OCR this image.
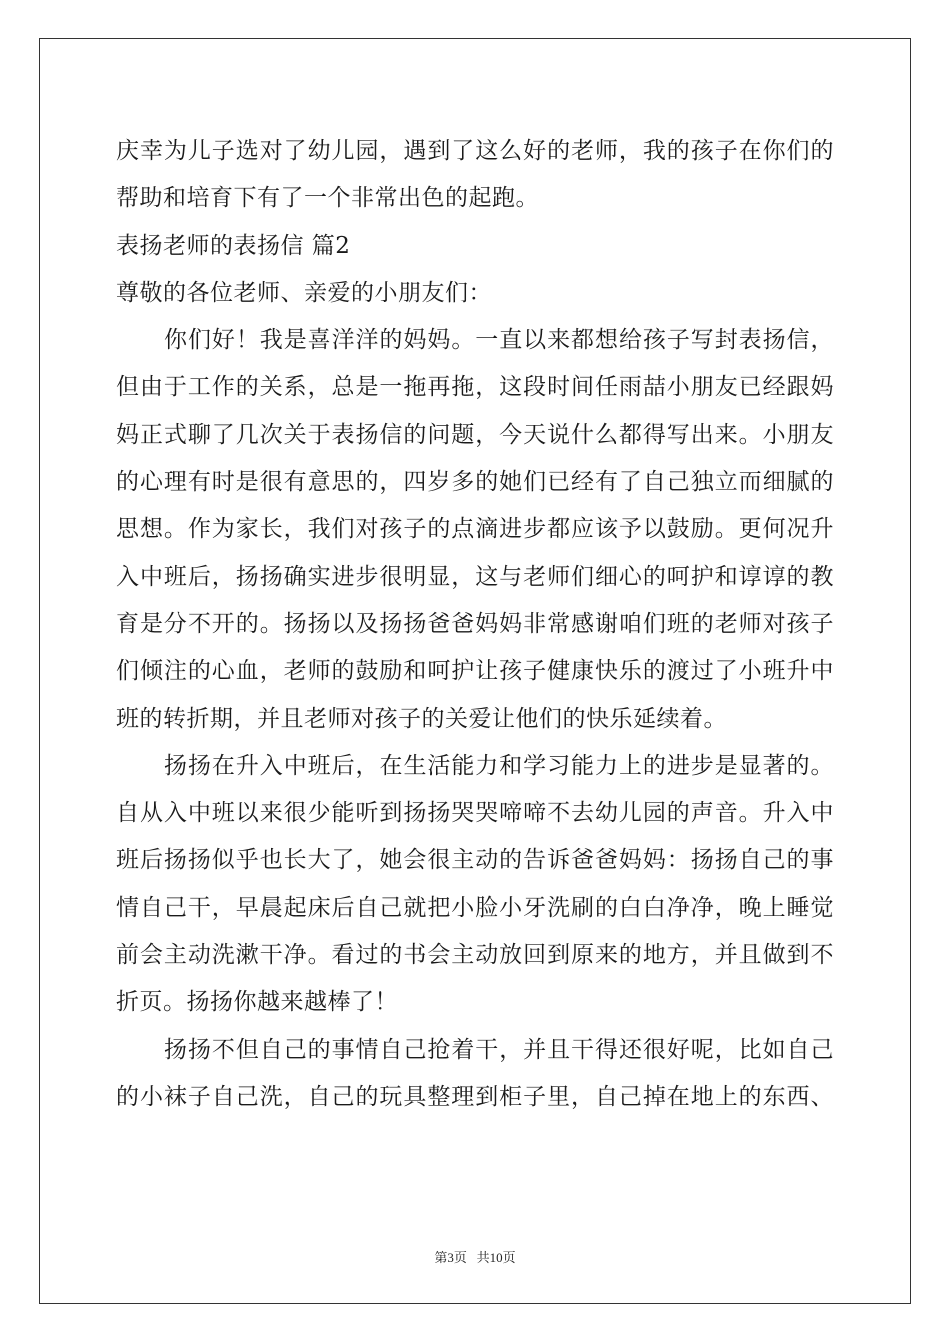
庆幸为儿子选对了幼儿园，遇到了这么好的老师，我的孩子在你们的
帮助和培育下有了一个非常出色的起跑。
表扬老师的表扬信 篇2
尊敬的各位老师、亲爱的小朋友们：
你们好！我是喜洋洋的妈妈。一直以来都想给孩子写封表扬信，
但由于工作的关系，总是一拖再拖，这段时间任雨喆小朋友已经跟妈
妈正式聊了几次关于表扬信的问题，今天说什么都得写出来。小朋友
的心理有时是很有意思的，四岁多的她们已经有了自己独立而细腻的
思想。作为家长，我们对孩子的点滴进步都应该予以鼓励。更何况升
入中班后，扬扬确实进步很明显，这与老师们细心的呵护和谆谆的教
育是分不开的。扬扬以及扬扬爸爸妈妈非常感谢咱们班的老师对孩子
们倾注的心血，老师的鼓励和呵护让孩子健康快乐的渡过了小班升中
班的转折期，并且老师对孩子的关爱让他们的快乐延续着。
扬扬在升入中班后，在生活能力和学习能力上的进步是显著的。
自从入中班以来很少能听到扬扬哭哭啼啼不去幼儿园的声音。升入中
班后扬扬似乎也长大了，她会很主动的告诉爸爸妈妈：扬扬自己的事
情自己干，早晨起床后自己就把小脸小牙洗刷的白白净净，晚上睡觉
前会主动洗漱干净。看过的书会主动放回到原来的地方，并且做到不
折页。扬扬你越来越棒了！
扬扬不但自己的事情自己抢着干，并且干得还很好呢，比如自己
的小袜子自己洗，自己的玩具整理到柜子里，自己掉在地上的东西、
第3页 共10页
